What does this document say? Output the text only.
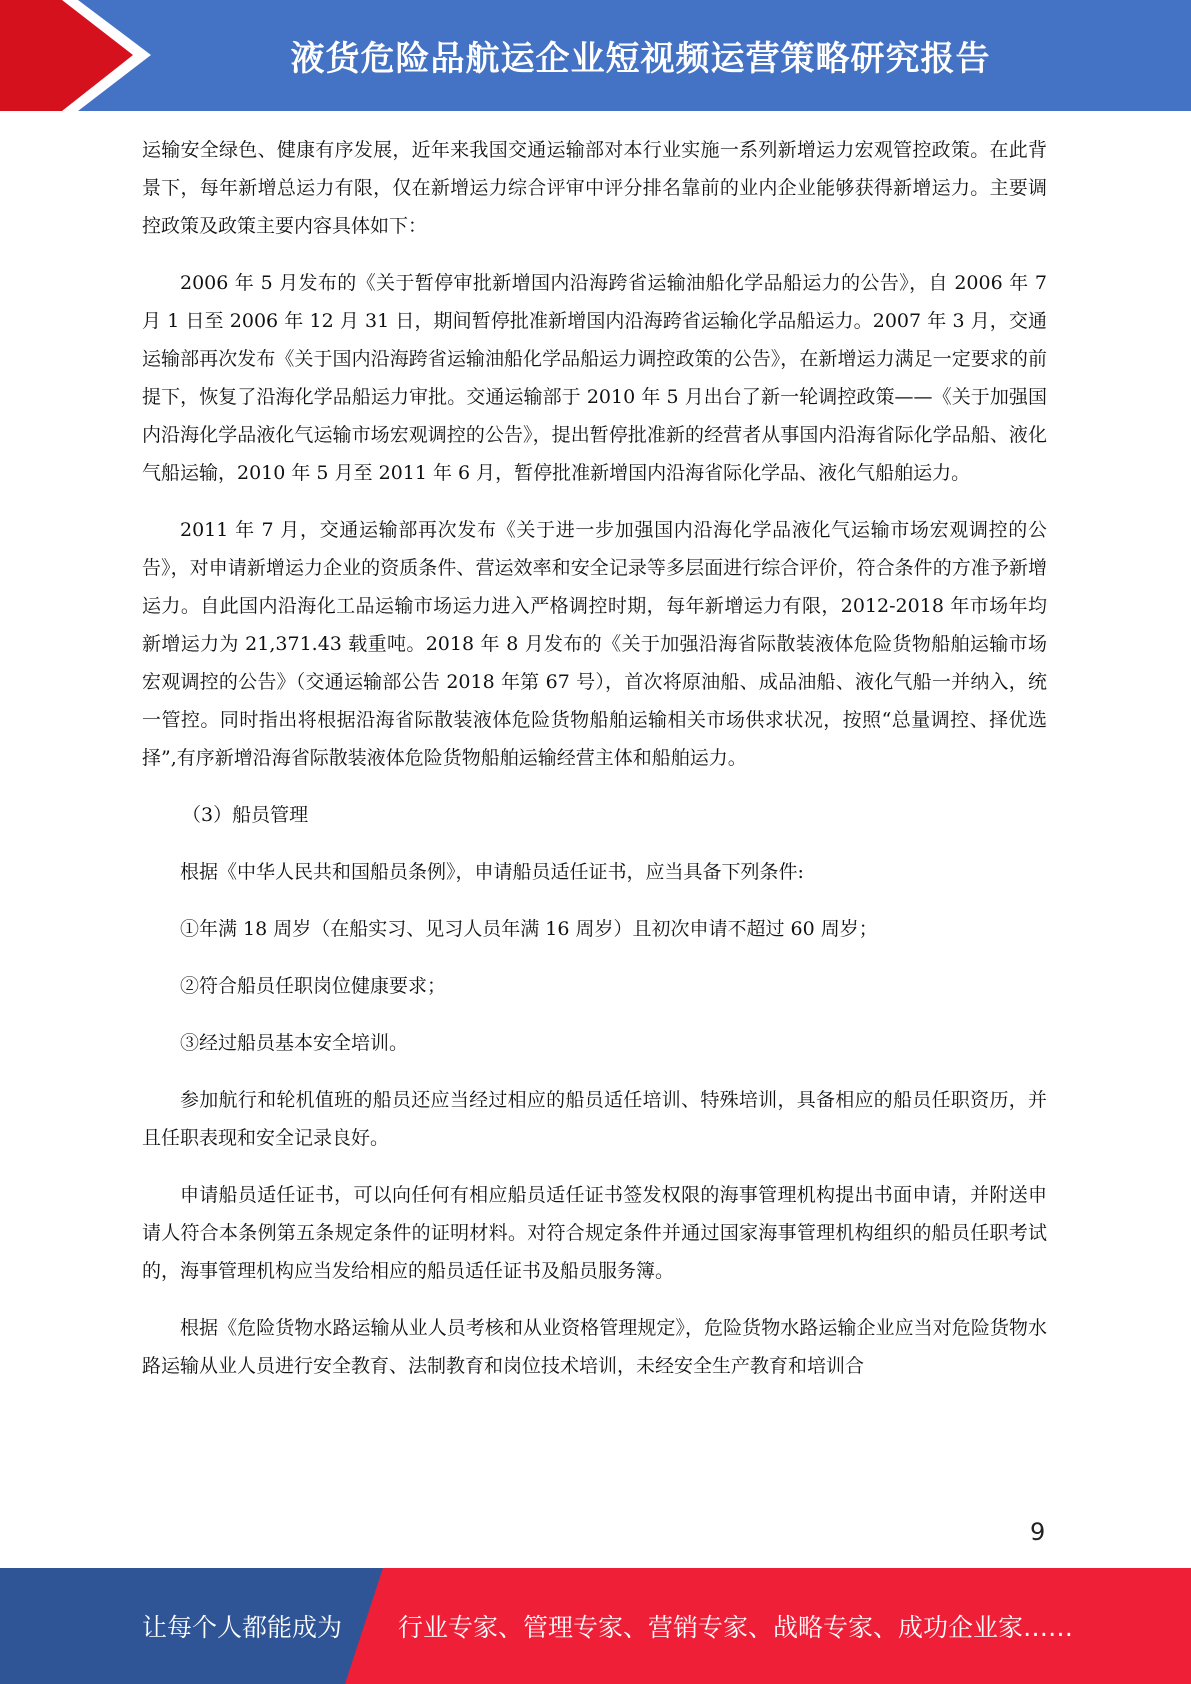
液货危险品航运企业短视频运营策略研究报告

运输安全绿色、健康有序发展，近年来我国交通运输部对本行业实施一系列新增运力宏观管控政策。在此背景下，每年新增总运力有限，仅在新增运力综合评审中评分排名靠前的业内企业能够获得新增运力。主要调控政策及政策主要内容具体如下：

2006 年 5 月发布的《关于暂停审批新增国内沿海跨省运输油船化学品船运力的公告》，自 2006 年 7 月 1 日至 2006 年 12 月 31 日，期间暂停批准新增国内沿海跨省运输化学品船运力。2007 年 3 月，交通运输部再次发布《关于国内沿海跨省运输油船化学品船运力调控政策的公告》，在新增运力满足一定要求的前提下，恢复了沿海化学品船运力审批。交通运输部于 2010 年 5 月出台了新一轮调控政策——《关于加强国内沿海化学品液化气运输市场宏观调控的公告》，提出暂停批准新的经营者从事国内沿海省际化学品船、液化气船运输，2010 年 5 月至 2011 年 6 月，暂停批准新增国内沿海省际化学品、液化气船舶运力。

2011 年 7 月，交通运输部再次发布《关于进一步加强国内沿海化学品液化气运输市场宏观调控的公告》，对申请新增运力企业的资质条件、营运效率和安全记录等多层面进行综合评价，符合条件的方准予新增运力。自此国内沿海化工品运输市场运力进入严格调控时期，每年新增运力有限，2012-2018 年市场年均新增运力为 21,371.43 载重吨。2018 年 8 月发布的《关于加强沿海省际散装液体危险货物船舶运输市场宏观调控的公告》（交通运输部公告 2018 年第 67 号），首次将原油船、成品油船、液化气船一并纳入，统一管控。同时指出将根据沿海省际散装液体危险货物船舶运输相关市场供求状况，按照“总量调控、择优选择”,有序新增沿海省际散装液体危险货物船舶运输经营主体和船舶运力。

（3）船员管理

根据《中华人民共和国船员条例》，申请船员适任证书，应当具备下列条件:

①年满 18 周岁（在船实习、见习人员年满 16 周岁）且初次申请不超过 60 周岁；

②符合船员任职岗位健康要求；

③经过船员基本安全培训。

参加航行和轮机值班的船员还应当经过相应的船员适任培训、特殊培训，具备相应的船员任职资历，并且任职表现和安全记录良好。

申请船员适任证书，可以向任何有相应船员适任证书签发权限的海事管理机构提出书面申请，并附送申请人符合本条例第五条规定条件的证明材料。对符合规定条件并通过国家海事管理机构组织的船员任职考试的，海事管理机构应当发给相应的船员适任证书及船员服务簿。

根据《危险货物水路运输从业人员考核和从业资格管理规定》，危险货物水路运输企业应当对危险货物水路运输从业人员进行安全教育、法制教育和岗位技术培训，未经安全生产教育和培训合

9
让每个人都能成为 行业专家、管理专家、营销专家、战略专家、成功企业家……
